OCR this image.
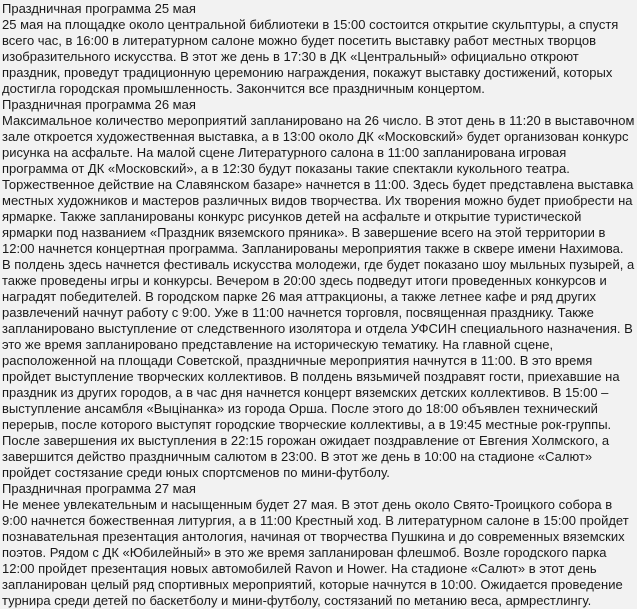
Праздничная программа 25 мая
25 мая на площадке около центральной библиотеки в 15:00 состоится открытие скульптуры, а спустя всего час, в 16:00 в литературном салоне можно будет посетить выставку работ местных творцов изобразительного искусства. В этот же день в 17:30 в ДК «Центральный» официально откроют праздник, проведут традиционную церемонию награждения, покажут выставку достижений, которых достигла городская промышленность. Закончится все праздничным концертом.
Праздничная программа 26 мая
Максимальное количество мероприятий запланировано на 26 число. В этот день в 11:20 в выставочном зале откроется художественная выставка, а в 13:00 около ДК «Московский» будет организован конкурс рисунка на асфальте. На малой сцене Литературного салона в 11:00 запланирована игровая программа от ДК «Московский», а в 12:30 будут показаны такие спектакли кукольного театра. Торжественное действие на Славянском базаре» начнется в 11:00. Здесь будет представлена выставка местных художников и мастеров различных видов творчества. Их творения можно будет приобрести на ярмарке. Также запланированы конкурс рисунков детей на асфальте и открытие туристической ярмарки под названием «Праздник вяземского пряника». В завершение всего на этой территории в 12:00 начнется концертная программа. Запланированы мероприятия также в сквере имени Нахимова. В полдень здесь начнется фестиваль искусства молодежи, где будет показано шоу мыльных пузырей, а также проведены игры и конкурсы. Вечером в 20:00 здесь подведут итоги проведенных конкурсов и наградят победителей. В городском парке 26 мая аттракционы, а также летнее кафе и ряд других развлечений начнут работу с 9:00. Уже в 11:00 начнется торговля, посвященная празднику. Также запланировано выступление от следственного изолятора и отдела УФСИН специального назначения. В это же время запланировано представление на историческую тематику. На главной сцене, расположенной на площади Советской, праздничные мероприятия начнутся в 11:00. В это время пройдет выступление творческих коллективов. В полдень вязьмичей поздравят гости, приехавшие на праздник из других городов, а в час дня начнется концерт вяземских детских коллективов. В 15:00 – выступление ансамбля «Выцiнанка» из города Орша. После этого до 18:00 объявлен технический перерыв, после которого выступят городские творческие коллективы, а в 19:45 местные рок-группы. После завершения их выступления в 22:15 горожан ожидает поздравление от Евгения Холмского, а завершится действо праздничным салютом в 23:00. В этот же день в 10:00 на стадионе «Салют» пройдет состязание среди юных спортсменов по мини-футболу.
Праздничная программа 27 мая
Не менее увлекательным и насыщенным будет 27 мая. В этот день около Свято-Троицкого собора в 9:00 начнется божественная литургия, а в 11:00 Крестный ход. В литературном салоне в 15:00 пройдет познавательная презентация антология, начиная от творчества Пушкина и до современных вяземских поэтов. Рядом с ДК «Юбилейный» в это же время запланирован флешмоб. Возле городского парка 12:00 пройдет презентация новых автомобилей Ravon и Hower. На стадионе «Салют» в этот день запланирован целый ряд спортивных мероприятий, которые начнутся в 10:00. Ожидается проведение турнира среди детей по баскетболу и мини-футболу, состязаний по метанию веса, армрестлингу.
